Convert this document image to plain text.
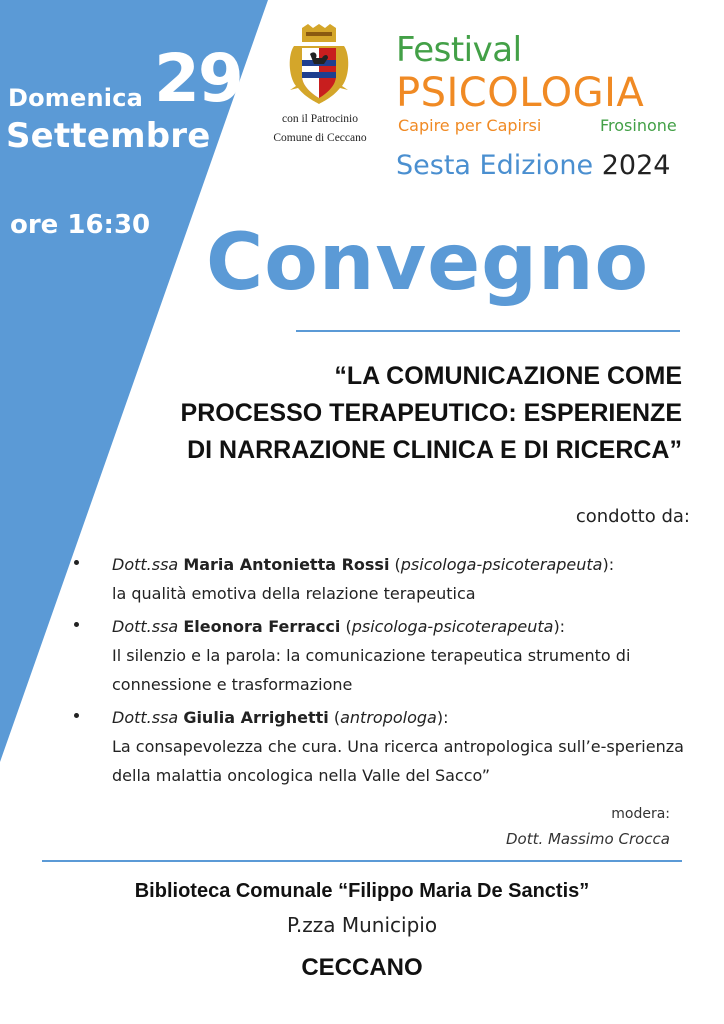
Domenica 29
Settembre
ore 16:30
con il Patrocinio
Comune di Ceccano
Festival
PSICOLOGIA
Capire per Capirsi	Frosinone
Sesta Edizione 2024
Convegno
“LA COMUNICAZIONE COME
PROCESSO TERAPEUTICO: ESPERIENZE
DI NARRAZIONE CLINICA E DI RICERCA”
condotto da:
Dott.ssa Maria Antonietta Rossi (psicologa-psicoterapeuta):
la qualità emotiva della relazione terapeutica
Dott.ssa Eleonora Ferracci (psicologa-psicoterapeuta):
Il silenzio e la parola: la comunicazione terapeutica strumento di connessione e trasformazione
Dott.ssa Giulia Arrighetti (antropologa):
La consapevolezza che cura. Una ricerca antropologica sull’e-sperienza della malattia oncologica nella Valle del Sacco”
modera:
Dott. Massimo Crocca
Biblioteca Comunale “Filippo Maria De Sanctis”
P.zza Municipio
CECCANO
